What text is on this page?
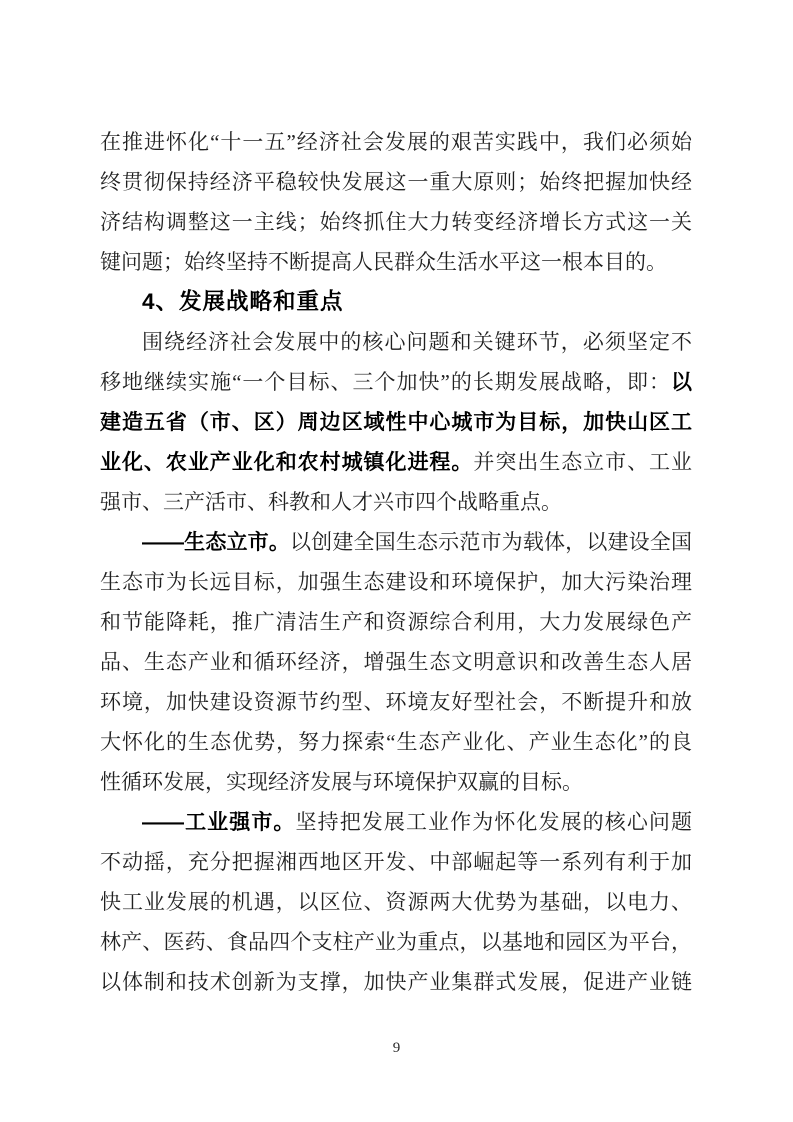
在推进怀化“十一五”经济社会发展的艰苦实践中，我们必须始
终贯彻保持经济平稳较快发展这一重大原则；始终把握加快经
济结构调整这一主线；始终抓住大力转变经济增长方式这一关
键问题；始终坚持不断提高人民群众生活水平这一根本目的。
4、发展战略和重点
围绕经济社会发展中的核心问题和关键环节，必须坚定不
移地继续实施“一个目标、三个加快”的长期发展战略，即：以
建造五省（市、区）周边区域性中心城市为目标，加快山区工
业化、农业产业化和农村城镇化进程。并突出生态立市、工业
强市、三产活市、科教和人才兴市四个战略重点。
——生态立市。以创建全国生态示范市为载体，以建设全国
生态市为长远目标，加强生态建设和环境保护，加大污染治理
和节能降耗，推广清洁生产和资源综合利用，大力发展绿色产
品、生态产业和循环经济，增强生态文明意识和改善生态人居
环境，加快建设资源节约型、环境友好型社会，不断提升和放
大怀化的生态优势，努力探索“生态产业化、产业生态化”的良
性循环发展，实现经济发展与环境保护双赢的目标。
——工业强市。坚持把发展工业作为怀化发展的核心问题
不动摇，充分把握湘西地区开发、中部崛起等一系列有利于加
快工业发展的机遇，以区位、资源两大优势为基础，以电力、
林产、医药、食品四个支柱产业为重点，以基地和园区为平台，
以体制和技术创新为支撑，加快产业集群式发展，促进产业链
9
